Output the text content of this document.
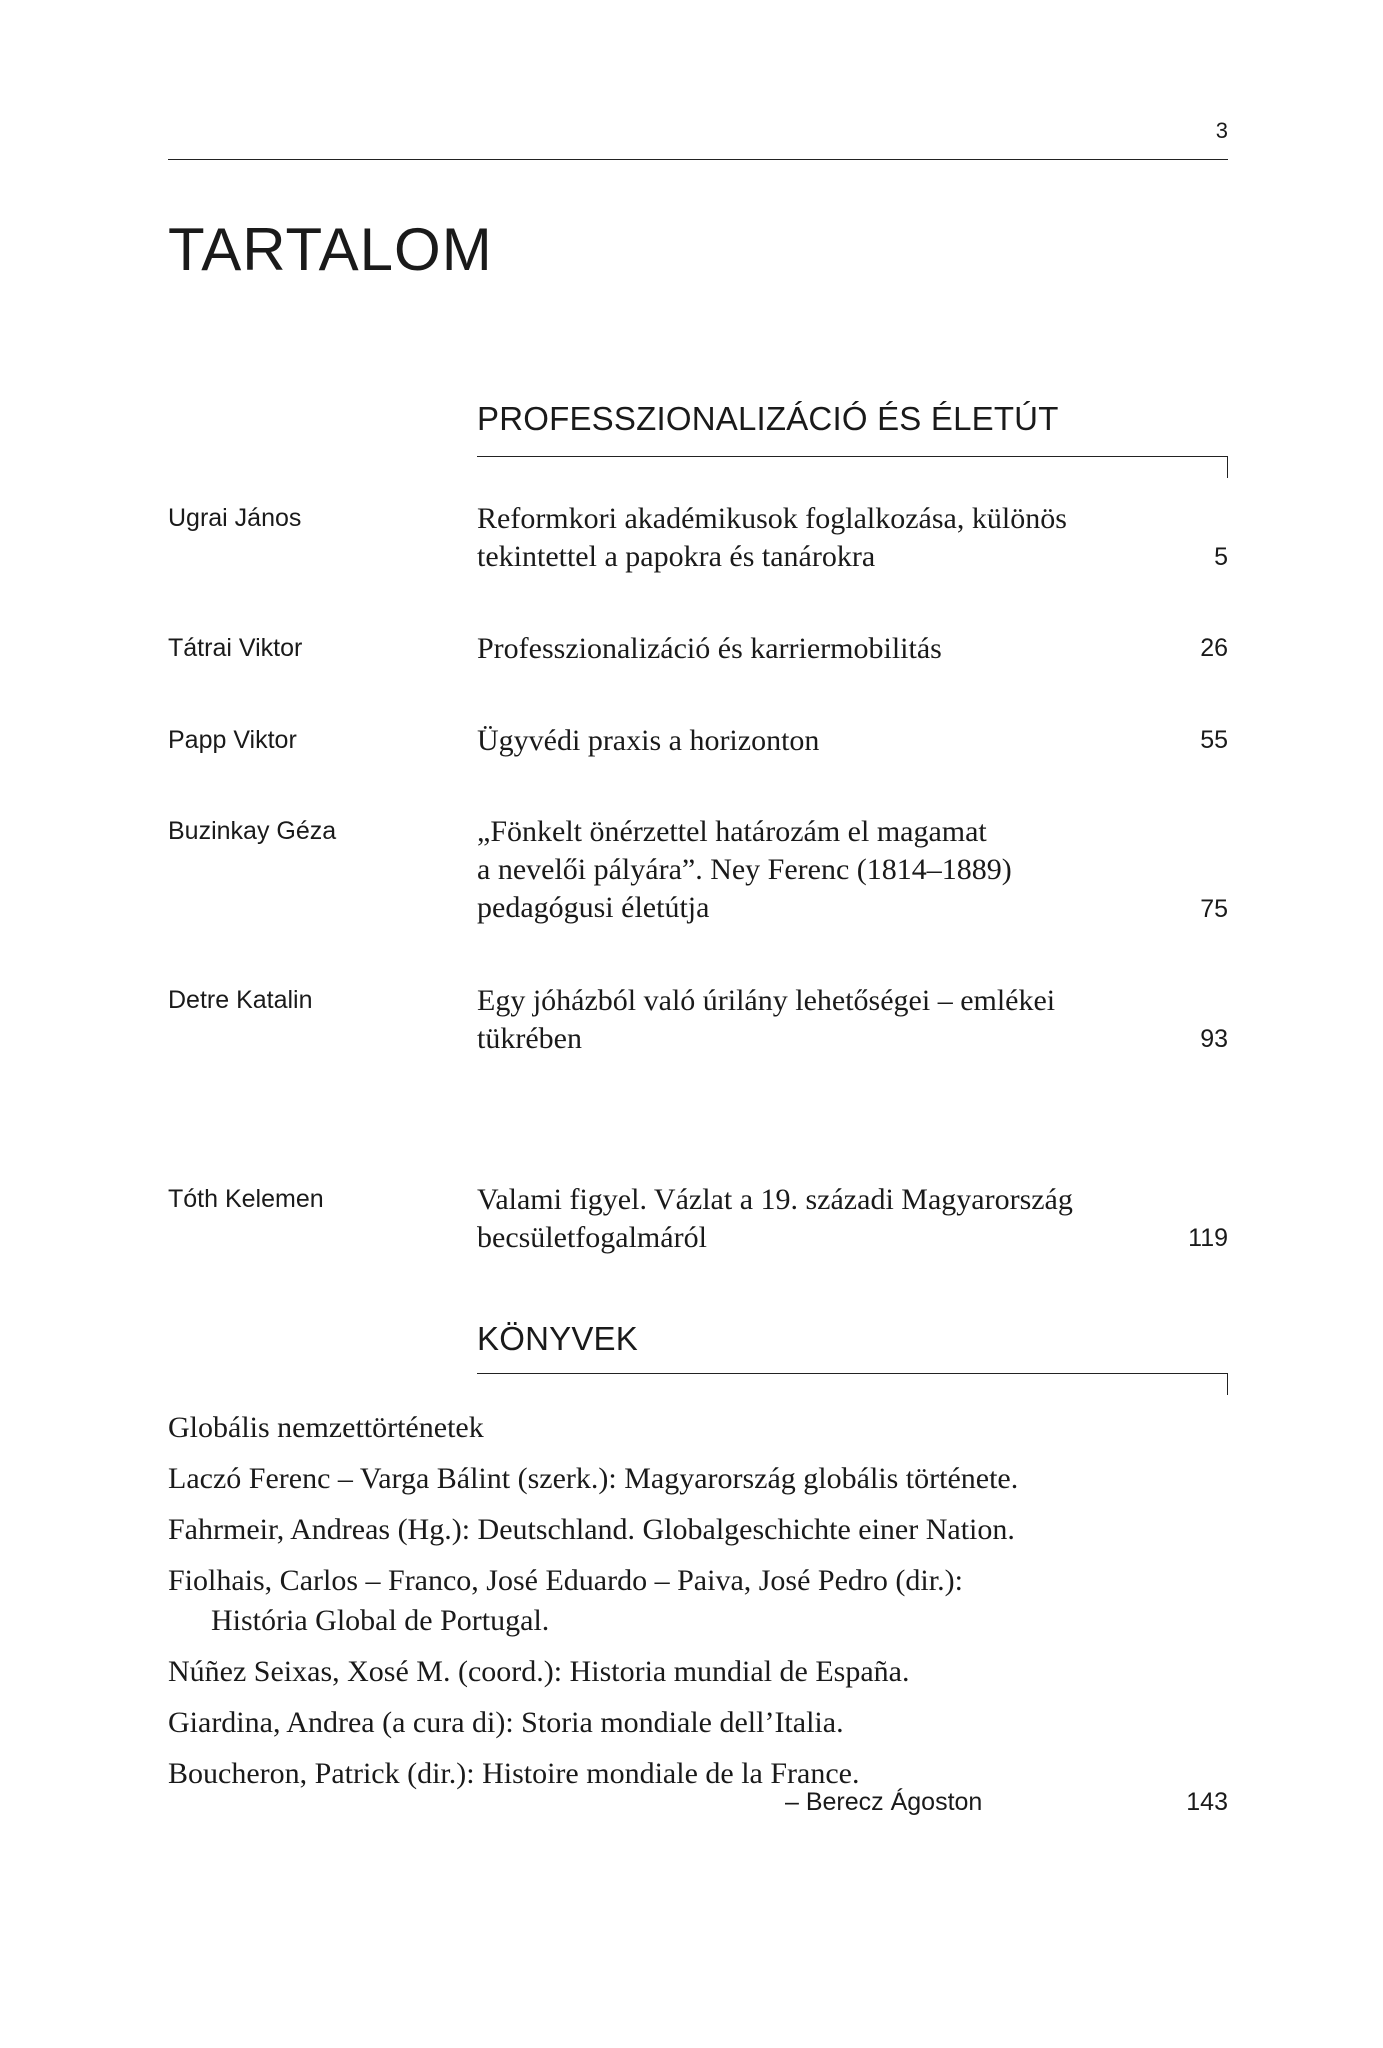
3
TARTALOM
PROFESSZIONALIZÁCIÓ ÉS ÉLETÚT
Ugrai János	Reformkori akadémikusok foglalkozása, különös
tekintettel a papokra és tanárokra	5
Tátrai Viktor	Professzionalizáció és karriermobilitás	26
Papp Viktor	Ügyvédi praxis a horizonton	55
Buzinkay Géza	„Fönkelt önérzettel határozám el magamat
a nevelői pályára”. Ney Ferenc (1814–1889)
pedagógusi életútja	75
Detre Katalin	Egy jóházból való úrilány lehetőségei – emlékei
tükrében	93
Tóth Kelemen	Valami figyel. Vázlat a 19. századi Magyarország
becsületfogalmáról	119
KÖNYVEK
Globális nemzettörténetek
Laczó Ferenc – Varga Bálint (szerk.): Magyarország globális története.
Fahrmeir, Andreas (Hg.): Deutschland. Globalgeschichte einer Nation.
Fiolhais, Carlos – Franco, José Eduardo – Paiva, José Pedro (dir.):
História Global de Portugal.
Núñez Seixas, Xosé M. (coord.): Historia mundial de España.
Giardina, Andrea (a cura di): Storia mondiale dell’Italia.
Boucheron, Patrick (dir.): Histoire mondiale de la France.
– Berecz Ágoston	143
